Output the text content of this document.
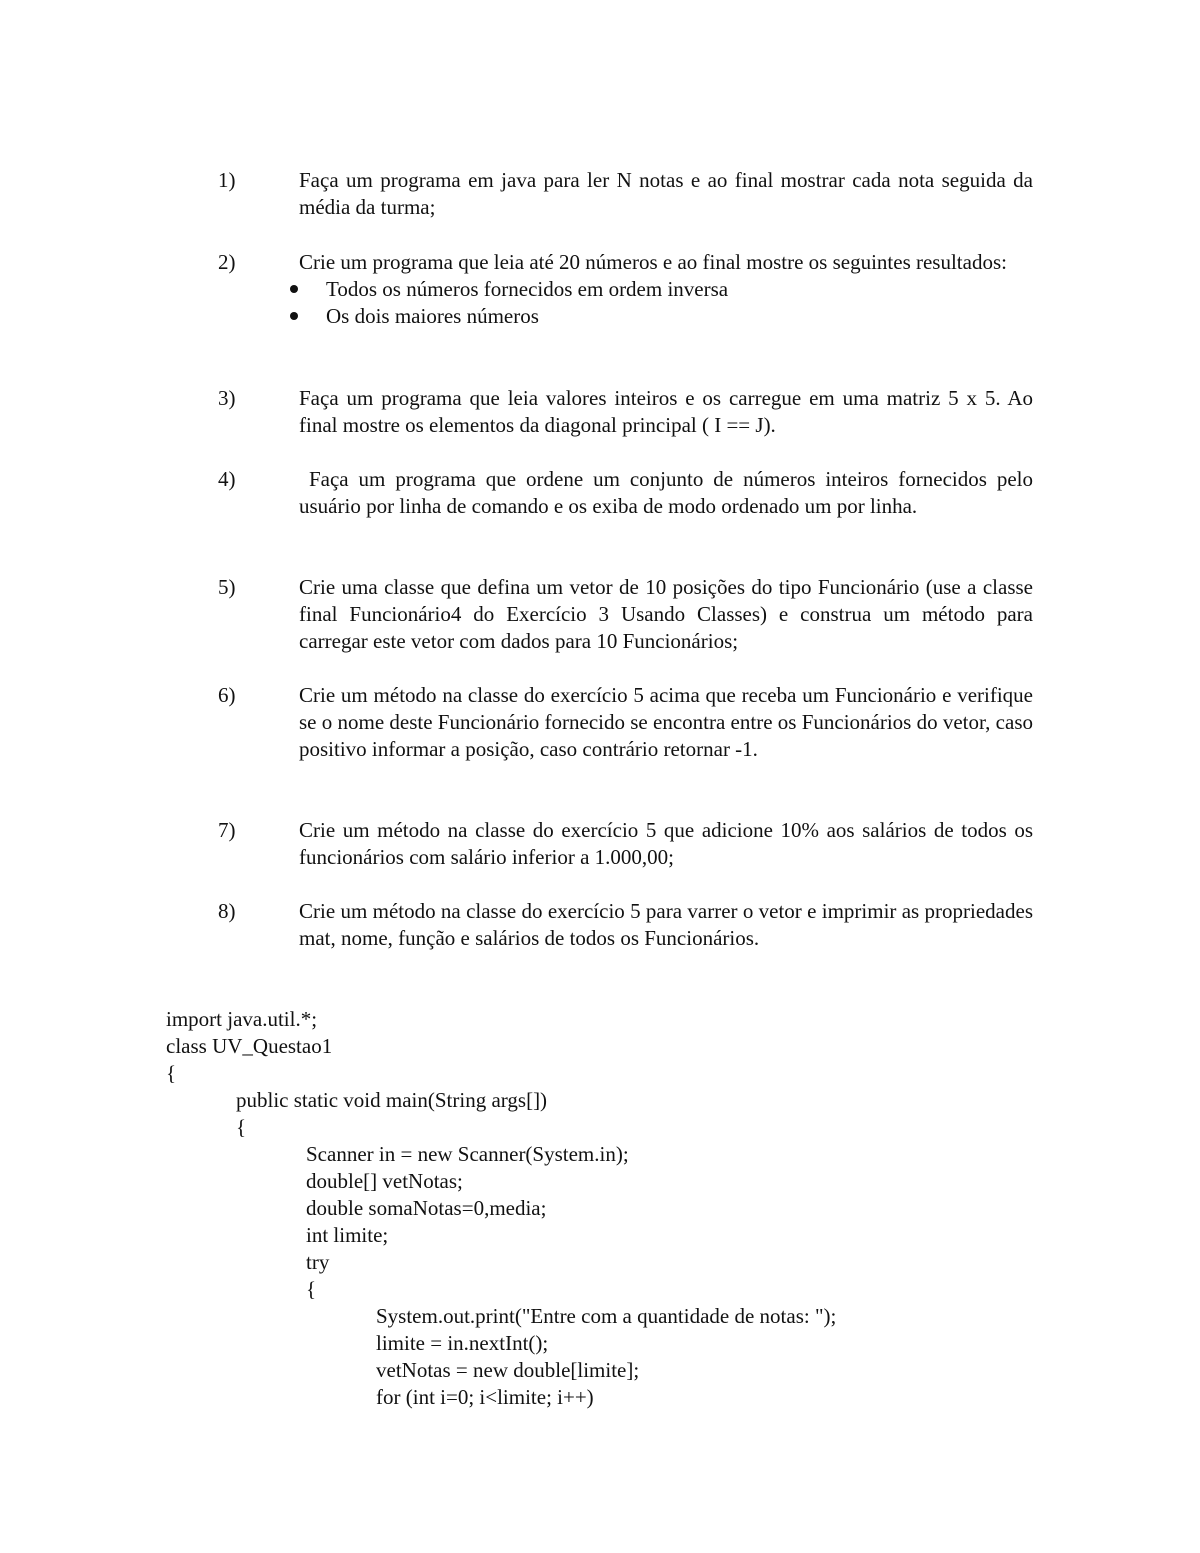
1)	Faça um programa em java para ler N notas e ao final mostrar cada nota seguida da média da turma;
2)	Crie um programa que leia até 20 números e ao final mostre os seguintes resultados:
Todos os números fornecidos em ordem inversa
Os dois maiores números
3)	Faça um programa que leia valores inteiros e os carregue em uma matriz 5 x 5. Ao final mostre os elementos da diagonal principal ( I == J).
4)	Faça um programa que ordene um conjunto de números inteiros fornecidos pelo usuário por linha de comando e os exiba de modo ordenado um por linha.
5)	Crie uma classe que defina um vetor de 10 posições do tipo Funcionário (use a classe final Funcionário4 do Exercício 3 Usando Classes) e construa um método para carregar este vetor com dados para 10 Funcionários;
6)	Crie um método na classe do exercício 5 acima que receba um Funcionário e verifique se o nome deste Funcionário fornecido se encontra entre os Funcionários do vetor, caso positivo informar a posição, caso contrário retornar -1.
7)	Crie um método na classe do exercício 5 que adicione 10% aos salários de todos os funcionários com salário inferior a 1.000,00;
8)	Crie um método na classe do exercício 5 para varrer o vetor e imprimir as propriedades mat, nome, função e salários de todos os Funcionários.
import java.util.*;
class UV_Questao1
{
public static void main(String args[])
{
Scanner in = new Scanner(System.in);
double[] vetNotas;
double somaNotas=0,media;
int limite;
try
{
System.out.print("Entre com a quantidade de notas: ");
limite = in.nextInt();
vetNotas = new double[limite];
for (int i=0; i<limite; i++)
